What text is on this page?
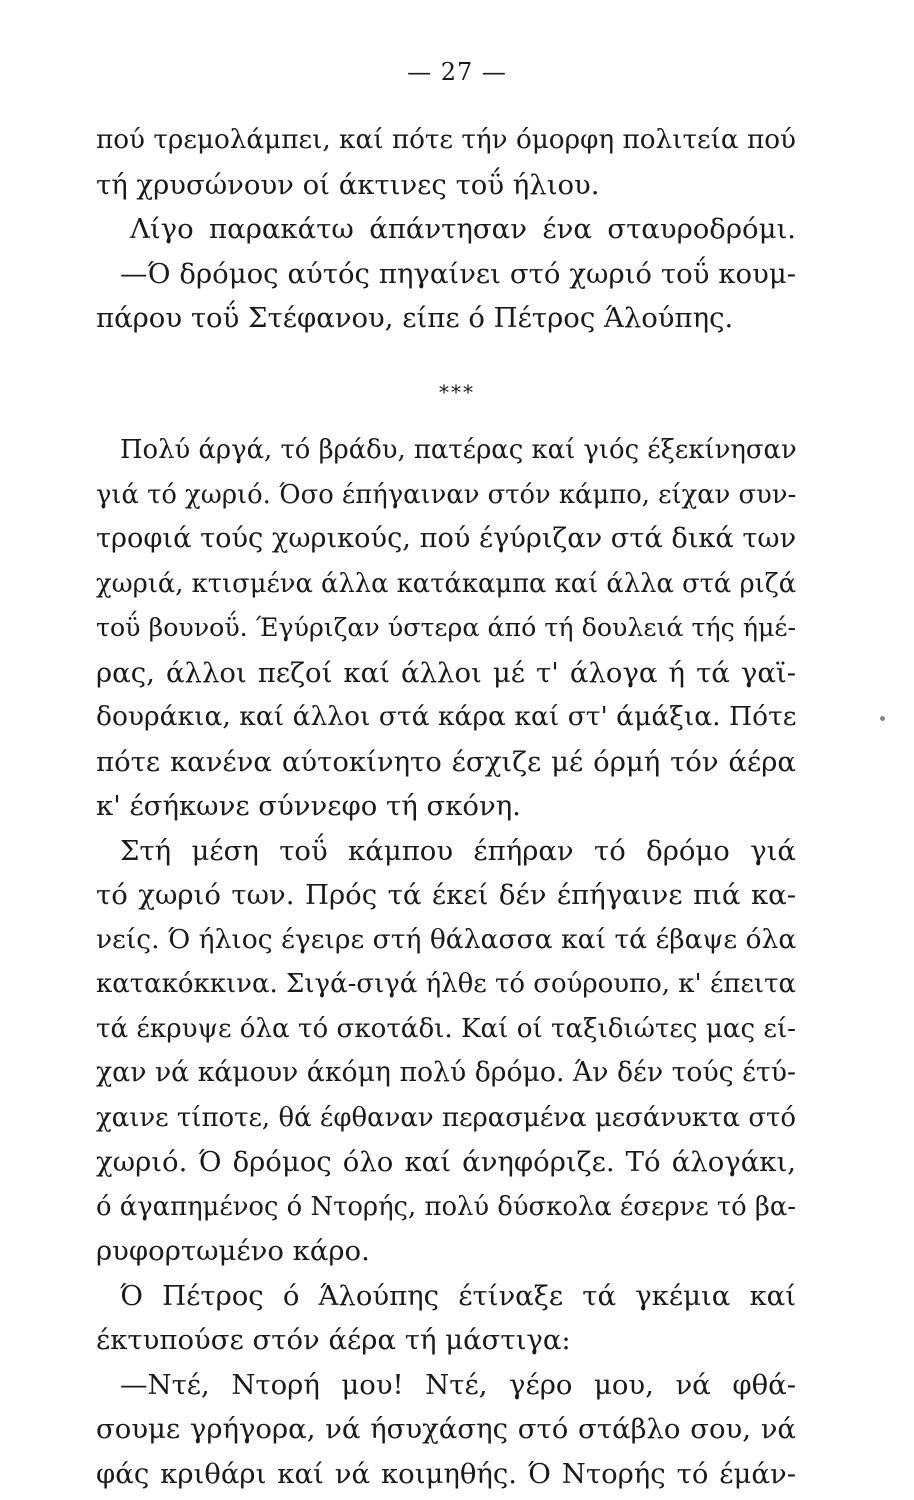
— 27 —
πού τρεμολάμπει, καί πότε τήν όμορφη πολιτεία πού
τή χρυσώνουν οί άκτινες τοΰ ήλιου.
Λίγο παρακάτω άπάντησαν ένα σταυροδρόμι.
—Ό δρόμος αύτός πηγαίνει στό χωριό τοΰ κουμ-
πάρου τοΰ Στέφανου, είπε ό Πέτρος Άλούπης.
***
Πολύ άργά, τό βράδυ, πατέρας καί γιός έξεκίνησαν
γιά τό χωριό. Όσο έπήγαιναν στόν κάμπο, είχαν συν-
τροφιά τούς χωρικούς, πού έγύριζαν στά δικά των
χωριά, κτισμένα άλλα κατάκαμπα καί άλλα στά ριζά
τοΰ βουνοΰ. Έγύριζαν ύστερα άπό τή δουλειά τής ήμέ-
ρας, άλλοι πεζοί καί άλλοι μέ τ' άλογα ή τά γαϊ-
δουράκια, καί άλλοι στά κάρα καί στ' άμάξια. Πότε
πότε κανένα αύτοκίνητο έσχιζε μέ όρμή τόν άέρα
κ' έσήκωνε σύννεφο τή σκόνη.
Στή μέση τοΰ κάμπου έπήραν τό δρόμο γιά
τό χωριό των. Πρός τά έκεί δέν έπήγαινε πιά κα-
νείς. Ό ήλιος έγειρε στή θάλασσα καί τά έβαψε όλα
κατακόκκινα. Σιγά-σιγά ήλθε τό σούρουπο, κ' έπειτα
τά έκρυψε όλα τό σκοτάδι. Καί οί ταξιδιώτες μας εί-
χαν νά κάμουν άκόμη πολύ δρόμο. Άν δέν τούς έτύ-
χαινε τίποτε, θά έφθαναν περασμένα μεσάνυκτα στό
χωριό. Ό δρόμος όλο καί άνηφόριζε. Τό άλογάκι,
ό άγαπημένος ό Ντορής, πολύ δύσκολα έσερνε τό βα-
ρυφορτωμένο κάρο.
Ό Πέτρος ό Άλούπης έτίναξε τά γκέμια καί
έκτυπούσε στόν άέρα τή μάστιγα:
—Ντέ, Ντορή μου! Ντέ, γέρο μου, νά φθά-
σουμε γρήγορα, νά ήσυχάσης στό στάβλο σου, νά
φάς κριθάρι καί νά κοιμηθής. Ό Ντορής τό έμάν-
